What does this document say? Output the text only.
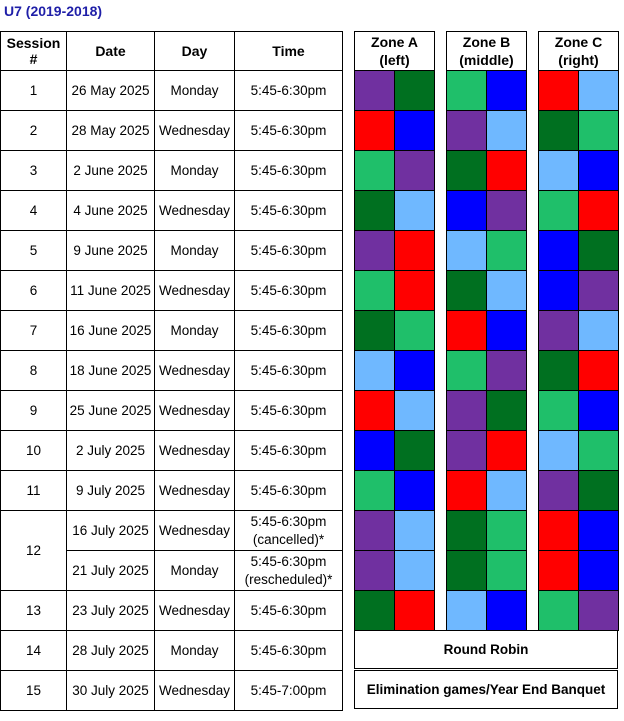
U7 (2019-2018)
Session #	Date	Day	Time
1	26 May 2025	Monday	5:45-6:30pm
2	28 May 2025	Wednesday	5:45-6:30pm
3	2 June 2025	Monday	5:45-6:30pm
4	4 June 2025	Wednesday	5:45-6:30pm
5	9 June 2025	Monday	5:45-6:30pm
6	11 June 2025	Wednesday	5:45-6:30pm
7	16 June 2025	Monday	5:45-6:30pm
8	18 June 2025	Wednesday	5:45-6:30pm
9	25 June 2025	Wednesday	5:45-6:30pm
10	2 July 2025	Wednesday	5:45-6:30pm
11	9 July 2025	Wednesday	5:45-6:30pm
12	16 July 2025	Wednesday	5:45-6:30pm
(cancelled)*

	21 July 2025	Monday	5:45-6:30pm
(rescheduled)*

13	23 July 2025	Wednesday	5:45-6:30pm
14	28 July 2025	Monday	5:45-6:30pm
15	30 July 2025	Wednesday	5:45-7:00pm
Zone A
(left)	

Zone B
(middle)	

Zone C
(right)	

Round Robin
Elimination games/Year End Banquet
